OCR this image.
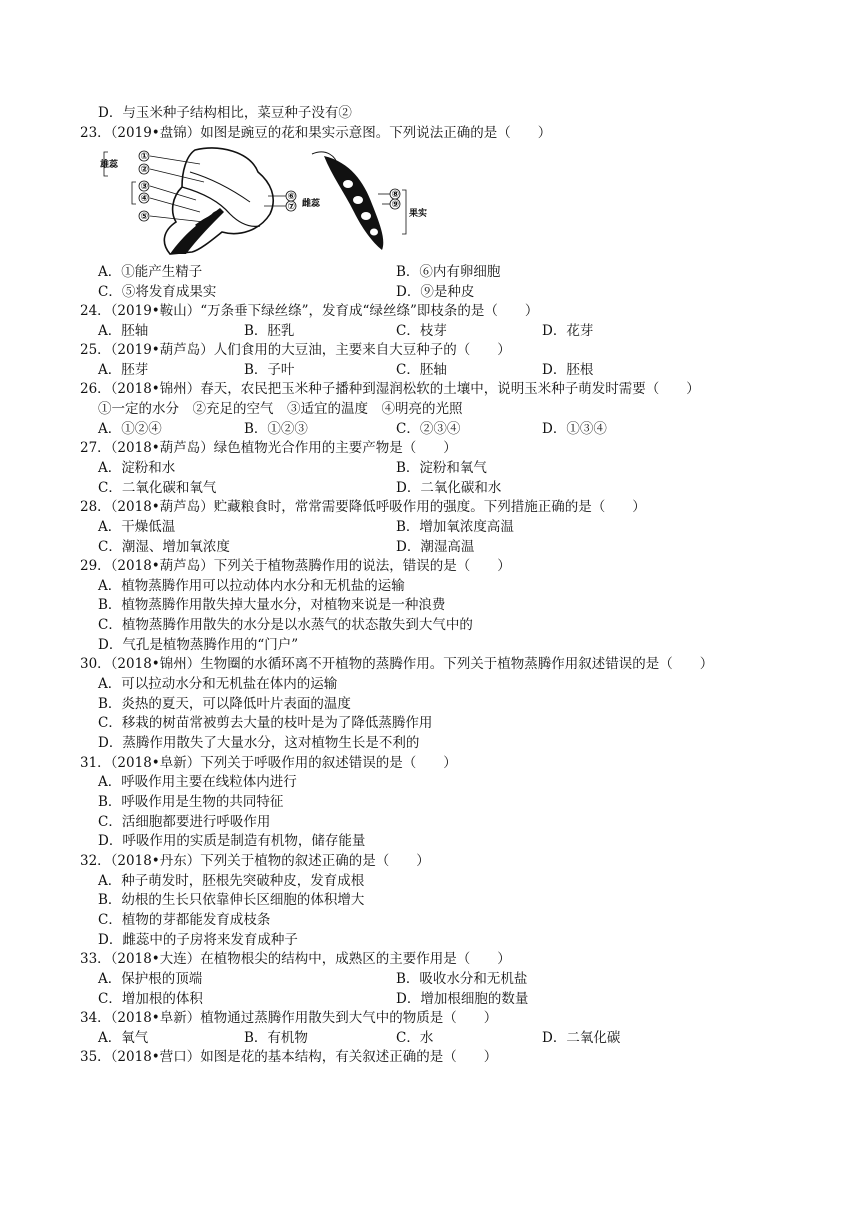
D．与玉米种子结构相比，菜豆种子没有②
23．（2019•盘锦）如图是豌豆的花和果实示意图。下列说法正确的是（　　）
①
②
③
④	⑥
⑦
雄蕊
⑧
⑨
雌蕊
果实
⑤
A．①能产生精子	B．⑥内有卵细胞
C．⑤将发育成果实	D．⑨是种皮
24．（2019•鞍山）“万条垂下绿丝绦”，发育成“绿丝绦”即枝条的是（　　）
A．胚轴	B．胚乳	C．枝芽	D．花芽
25．（2019•葫芦岛）人们食用的大豆油，主要来自大豆种子的（　　）
A．胚芽	B．子叶	C．胚轴	D．胚根
26．（2018•锦州）春天，农民把玉米种子播种到湿润松软的土壤中，说明玉米种子萌发时需要（　　）
①一定的水分　②充足的空气　③适宜的温度　④明亮的光照
A．①②④	B．①②③	C．②③④	D．①③④
27．（2018•葫芦岛）绿色植物光合作用的主要产物是（　　）
A．淀粉和水	B．淀粉和氧气
C．二氧化碳和氧气	D．二氧化碳和水
28．（2018•葫芦岛）贮藏粮食时，常常需要降低呼吸作用的强度。下列措施正确的是（　　）
A．干燥低温	B．增加氧浓度高温
C．潮湿、增加氧浓度	D．潮湿高温
29．（2018•葫芦岛）下列关于植物蒸腾作用的说法，错误的是（　　）
A．植物蒸腾作用可以拉动体内水分和无机盐的运输
B．植物蒸腾作用散失掉大量水分，对植物来说是一种浪费
C．植物蒸腾作用散失的水分是以水蒸气的状态散失到大气中的
D．气孔是植物蒸腾作用的“门户”
30．（2018•锦州）生物圈的水循环离不开植物的蒸腾作用。下列关于植物蒸腾作用叙述错误的是（　　）
A．可以拉动水分和无机盐在体内的运输
B．炎热的夏天，可以降低叶片表面的温度
C．移栽的树苗常被剪去大量的枝叶是为了降低蒸腾作用
D．蒸腾作用散失了大量水分，这对植物生长是不利的
31．（2018•阜新）下列关于呼吸作用的叙述错误的是（　　）
A．呼吸作用主要在线粒体内进行
B．呼吸作用是生物的共同特征
C．活细胞都要进行呼吸作用
D．呼吸作用的实质是制造有机物，储存能量
32．（2018•丹东）下列关于植物的叙述正确的是（　　）
A．种子萌发时，胚根先突破种皮，发育成根
B．幼根的生长只依靠伸长区细胞的体积增大
C．植物的芽都能发育成枝条
D．雌蕊中的子房将来发育成种子
33．（2018•大连）在植物根尖的结构中，成熟区的主要作用是（　　）
A．保护根的顶端	B．吸收水分和无机盐
C．增加根的体积	D．增加根细胞的数量
34．（2018•阜新）植物通过蒸腾作用散失到大气中的物质是（　　）
A．氧气	B．有机物	C．水	D．二氧化碳
35．（2018•营口）如图是花的基本结构，有关叙述正确的是（　　）
